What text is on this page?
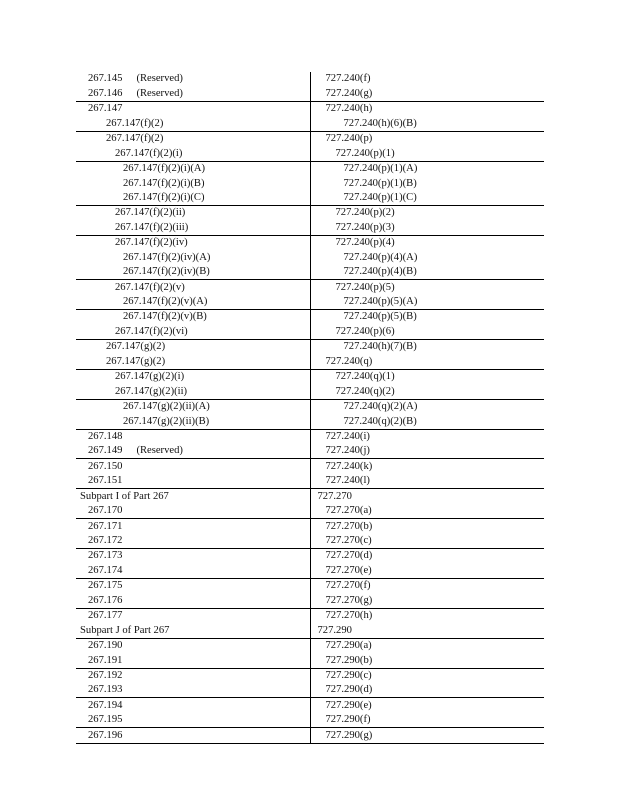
267.145 (Reserved)	727.240(f)
267.146 (Reserved)	727.240(g)
267.147	727.240(h)
267.147(f)(2)	727.240(h)(6)(B)
267.147(f)(2)	727.240(p)
267.147(f)(2)(i)	727.240(p)(1)
267.147(f)(2)(i)(A)	727.240(p)(1)(A)
267.147(f)(2)(i)(B)	727.240(p)(1)(B)
267.147(f)(2)(i)(C)	727.240(p)(1)(C)
267.147(f)(2)(ii)	727.240(p)(2)
267.147(f)(2)(iii)	727.240(p)(3)
267.147(f)(2)(iv)	727.240(p)(4)
267.147(f)(2)(iv)(A)	727.240(p)(4)(A)
267.147(f)(2)(iv)(B)	727.240(p)(4)(B)
267.147(f)(2)(v)	727.240(p)(5)
267.147(f)(2)(v)(A)	727.240(p)(5)(A)
267.147(f)(2)(v)(B)	727.240(p)(5)(B)
267.147(f)(2)(vi)	727.240(p)(6)
267.147(g)(2)	727.240(h)(7)(B)
267.147(g)(2)	727.240(q)
267.147(g)(2)(i)	727.240(q)(1)
267.147(g)(2)(ii)	727.240(q)(2)
267.147(g)(2)(ii)(A)	727.240(q)(2)(A)
267.147(g)(2)(ii)(B)	727.240(q)(2)(B)
267.148	727.240(i)
267.149 (Reserved)	727.240(j)
267.150	727.240(k)
267.151	727.240(l)
Subpart I of Part 267	727.270
267.170	727.270(a)
267.171	727.270(b)
267.172	727.270(c)
267.173	727.270(d)
267.174	727.270(e)
267.175	727.270(f)
267.176	727.270(g)
267.177	727.270(h)
Subpart J of Part 267	727.290
267.190	727.290(a)
267.191	727.290(b)
267.192	727.290(c)
267.193	727.290(d)
267.194	727.290(e)
267.195	727.290(f)
267.196	727.290(g)
